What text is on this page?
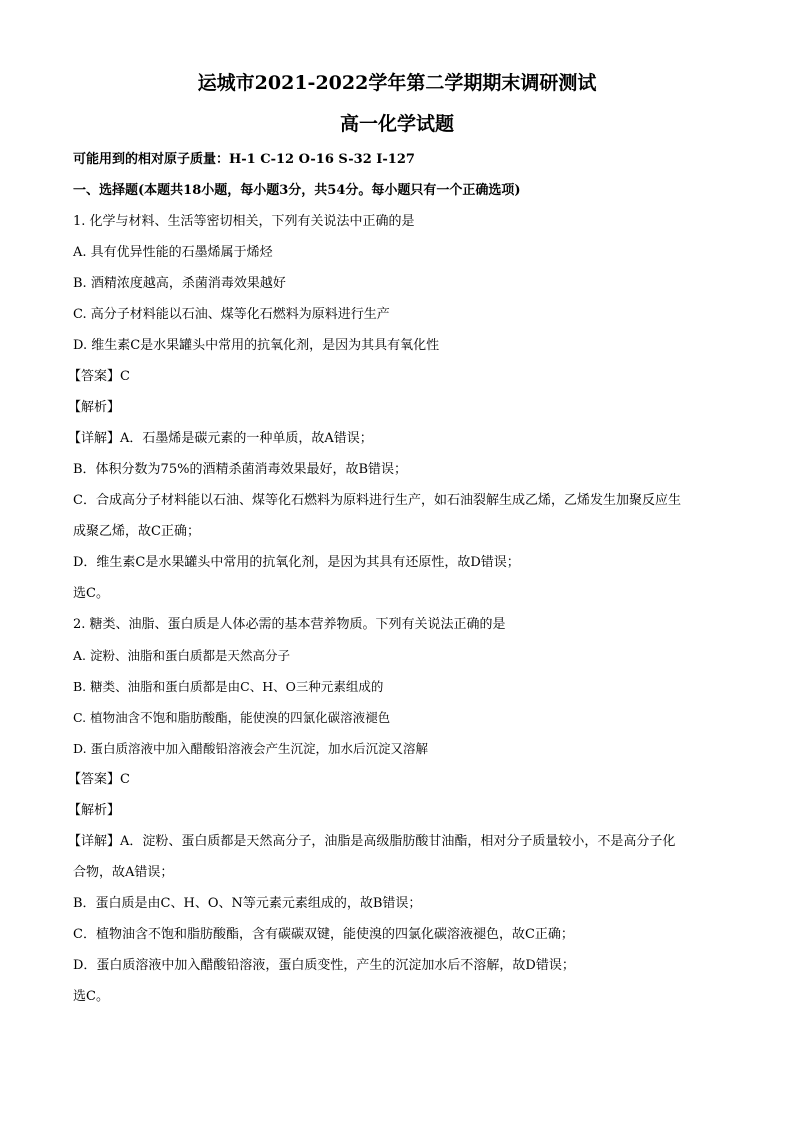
运城市2021-2022学年第二学期期末调研测试
高一化学试题
可能用到的相对原子质量：H-1 C-12 O-16 S-32 I-127
一、选择题(本题共18小题，每小题3分，共54分。每小题只有一个正确选项)
1. 化学与材料、生活等密切相关，下列有关说法中正确的是
A. 具有优异性能的石墨烯属于烯烃
B. 酒精浓度越高，杀菌消毒效果越好
C. 高分子材料能以石油、煤等化石燃料为原料进行生产
D. 维生素C是水果罐头中常用的抗氧化剂，是因为其具有氧化性
【答案】C
【解析】
【详解】A．石墨烯是碳元素的一种单质，故A错误；
B．体积分数为75%的酒精杀菌消毒效果最好，故B错误；
C．合成高分子材料能以石油、煤等化石燃料为原料进行生产，如石油裂解生成乙烯，乙烯发生加聚反应生
成聚乙烯，故C正确；
D．维生素C是水果罐头中常用的抗氧化剂，是因为其具有还原性，故D错误；
选C。
2. 糖类、油脂、蛋白质是人体必需的基本营养物质。下列有关说法正确的是
A. 淀粉、油脂和蛋白质都是天然高分子
B. 糖类、油脂和蛋白质都是由C、H、O三种元素组成的
C. 植物油含不饱和脂肪酸酯，能使溴的四氯化碳溶液褪色
D. 蛋白质溶液中加入醋酸铅溶液会产生沉淀，加水后沉淀又溶解
【答案】C
【解析】
【详解】A．淀粉、蛋白质都是天然高分子，油脂是高级脂肪酸甘油酯，相对分子质量较小，不是高分子化
合物，故A错误；
B．蛋白质是由C、H、O、N等元素元素组成的，故B错误；
C．植物油含不饱和脂肪酸酯，含有碳碳双键，能使溴的四氯化碳溶液褪色，故C正确；
D．蛋白质溶液中加入醋酸铅溶液，蛋白质变性，产生的沉淀加水后不溶解，故D错误；
选C。
